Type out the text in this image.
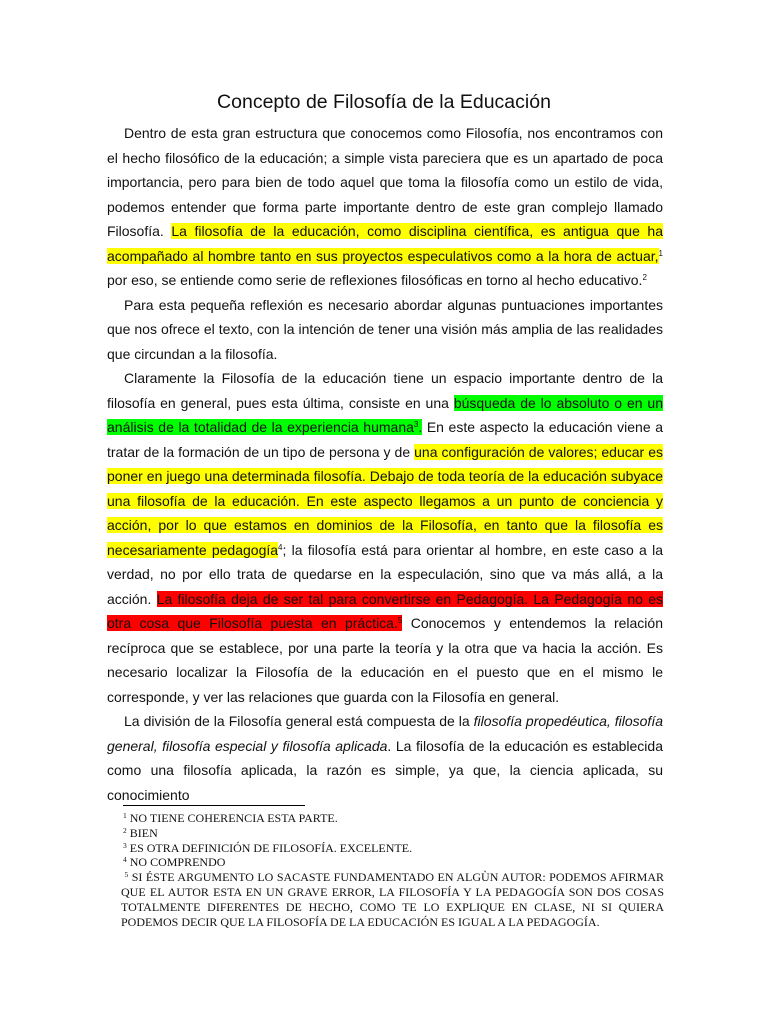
Concepto de Filosofía de la Educación

Dentro de esta gran estructura que conocemos como Filosofía, nos encontramos con el hecho filosófico de la educación; a simple vista pareciera que es un apartado de poca importancia, pero para bien de todo aquel que toma la filosofía como un estilo de vida, podemos entender que forma parte importante dentro de este gran complejo llamado Filosofía. La filosofía de la educación, como disciplina científica, es antigua que ha acompañado al hombre tanto en sus proyectos especulativos como a la hora de actuar,$^1$ por eso, se entiende como serie de reflexiones filosóficas en torno al hecho educativo.$^2$

Para esta pequeña reflexión es necesario abordar algunas puntuaciones importantes que nos ofrece el texto, con la intención de tener una visión más amplia de las realidades que circundan a la filosofía.

Claramente la Filosofía de la educación tiene un espacio importante dentro de la filosofía en general, pues esta última, consiste en una búsqueda de lo absoluto o en un análisis de la totalidad de la experiencia humana$^3$. En este aspecto la educación viene a tratar de la formación de un tipo de persona y de una configuración de valores; educar es poner en juego una determinada filosofía. Debajo de toda teoría de la educación subyace una filosofía de la educación. En este aspecto llegamos a un punto de conciencia y acción, por lo que estamos en dominios de la Filosofía, en tanto que la filosofía es necesariamente pedagogía$^4$; la filosofía está para orientar al hombre, en este caso a la verdad, no por ello trata de quedarse en la especulación, sino que va más allá, a la acción. La filosofía deja de ser tal para convertirse en Pedagogía. La Pedagogía no es otra cosa que Filosofía puesta en práctica.$^5$ Conocemos y entendemos la relación recíproca que se establece, por una parte la teoría y la otra que va hacia la acción. Es necesario localizar la Filosofía de la educación en el puesto que en el mismo le corresponde, y ver las relaciones que guarda con la Filosofía en general.

La división de la Filosofía general está compuesta de la filosofía propedéutica, filosofía general, filosofía especial y filosofía aplicada. La filosofía de la educación es establecida como una filosofía aplicada, la razón es simple, ya que, la ciencia aplicada, su conocimiento

$^1$ NO TIENE COHERENCIA ESTA PARTE.

$^2$ BIEN

$^3$ ES OTRA DEFINICIÓN DE FILOSOFÍA. EXCELENTE.

$^4$ NO COMPRENDO

$^5$ SI ÉSTE ARGUMENTO LO SACASTE FUNDAMENTADO EN ALGÙN AUTOR: PODEMOS AFIRMAR QUE EL AUTOR ESTA EN UN GRAVE ERROR, LA FILOSOFÍA Y LA PEDAGOGÍA SON DOS COSAS TOTALMENTE DIFERENTES DE HECHO, COMO TE LO EXPLIQUE EN CLASE, NI SI QUIERA PODEMOS DECIR QUE LA FILOSOFÍA DE LA EDUCACIÓN ES IGUAL A LA PEDAGOGÍA.
